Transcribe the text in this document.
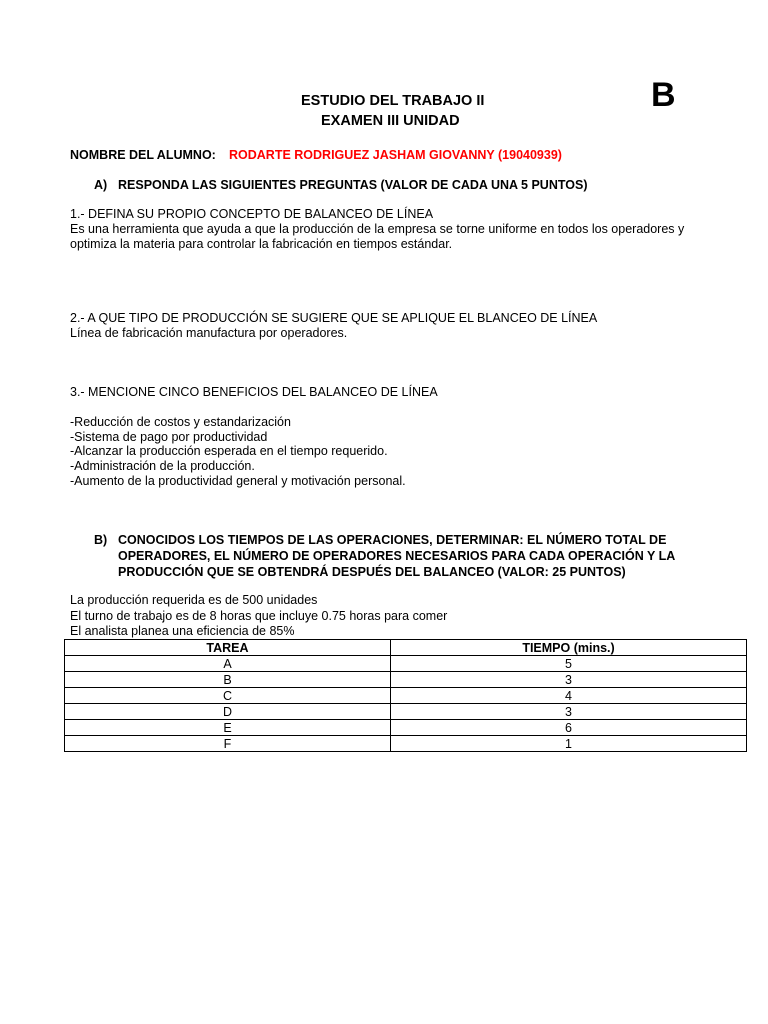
ESTUDIO DEL TRABAJO II
EXAMEN III UNIDAD
B
NOMBRE DEL ALUMNO: RODARTE RODRIGUEZ JASHAM GIOVANNY (19040939)
A) RESPONDA LAS SIGUIENTES PREGUNTAS (VALOR DE CADA UNA 5 PUNTOS)
1.- DEFINA SU PROPIO CONCEPTO DE BALANCEO DE LÍNEA
Es una herramienta que ayuda a que la producción de la empresa se torne uniforme en todos los operadores y
optimiza la materia para controlar la fabricación en tiempos estándar.
2.- A QUE TIPO DE PRODUCCIÓN SE SUGIERE QUE SE APLIQUE EL BLANCEO DE LÍNEA
Línea de fabricación manufactura por operadores.
3.- MENCIONE CINCO BENEFICIOS DEL BALANCEO DE LÍNEA
-Reducción de costos y estandarización
-Sistema de pago por productividad
-Alcanzar la producción esperada en el tiempo requerido.
-Administración de la producción.
-Aumento de la productividad general y motivación personal.
B) CONOCIDOS LOS TIEMPOS DE LAS OPERACIONES, DETERMINAR: EL NÚMERO TOTAL DE
OPERADORES, EL NÚMERO DE OPERADORES NECESARIOS PARA CADA OPERACIÓN Y LA
PRODUCCIÓN QUE SE OBTENDRÁ DESPUÉS DEL BALANCEO (VALOR: 25 PUNTOS)
La producción requerida es de 500 unidades
El turno de trabajo es de 8 horas que incluye 0.75 horas para comer
El analista planea una eficiencia de 85%
TAREA	TIEMPO (mins.)
A	5
B	3
C	4
D	3
E	6
F	1
